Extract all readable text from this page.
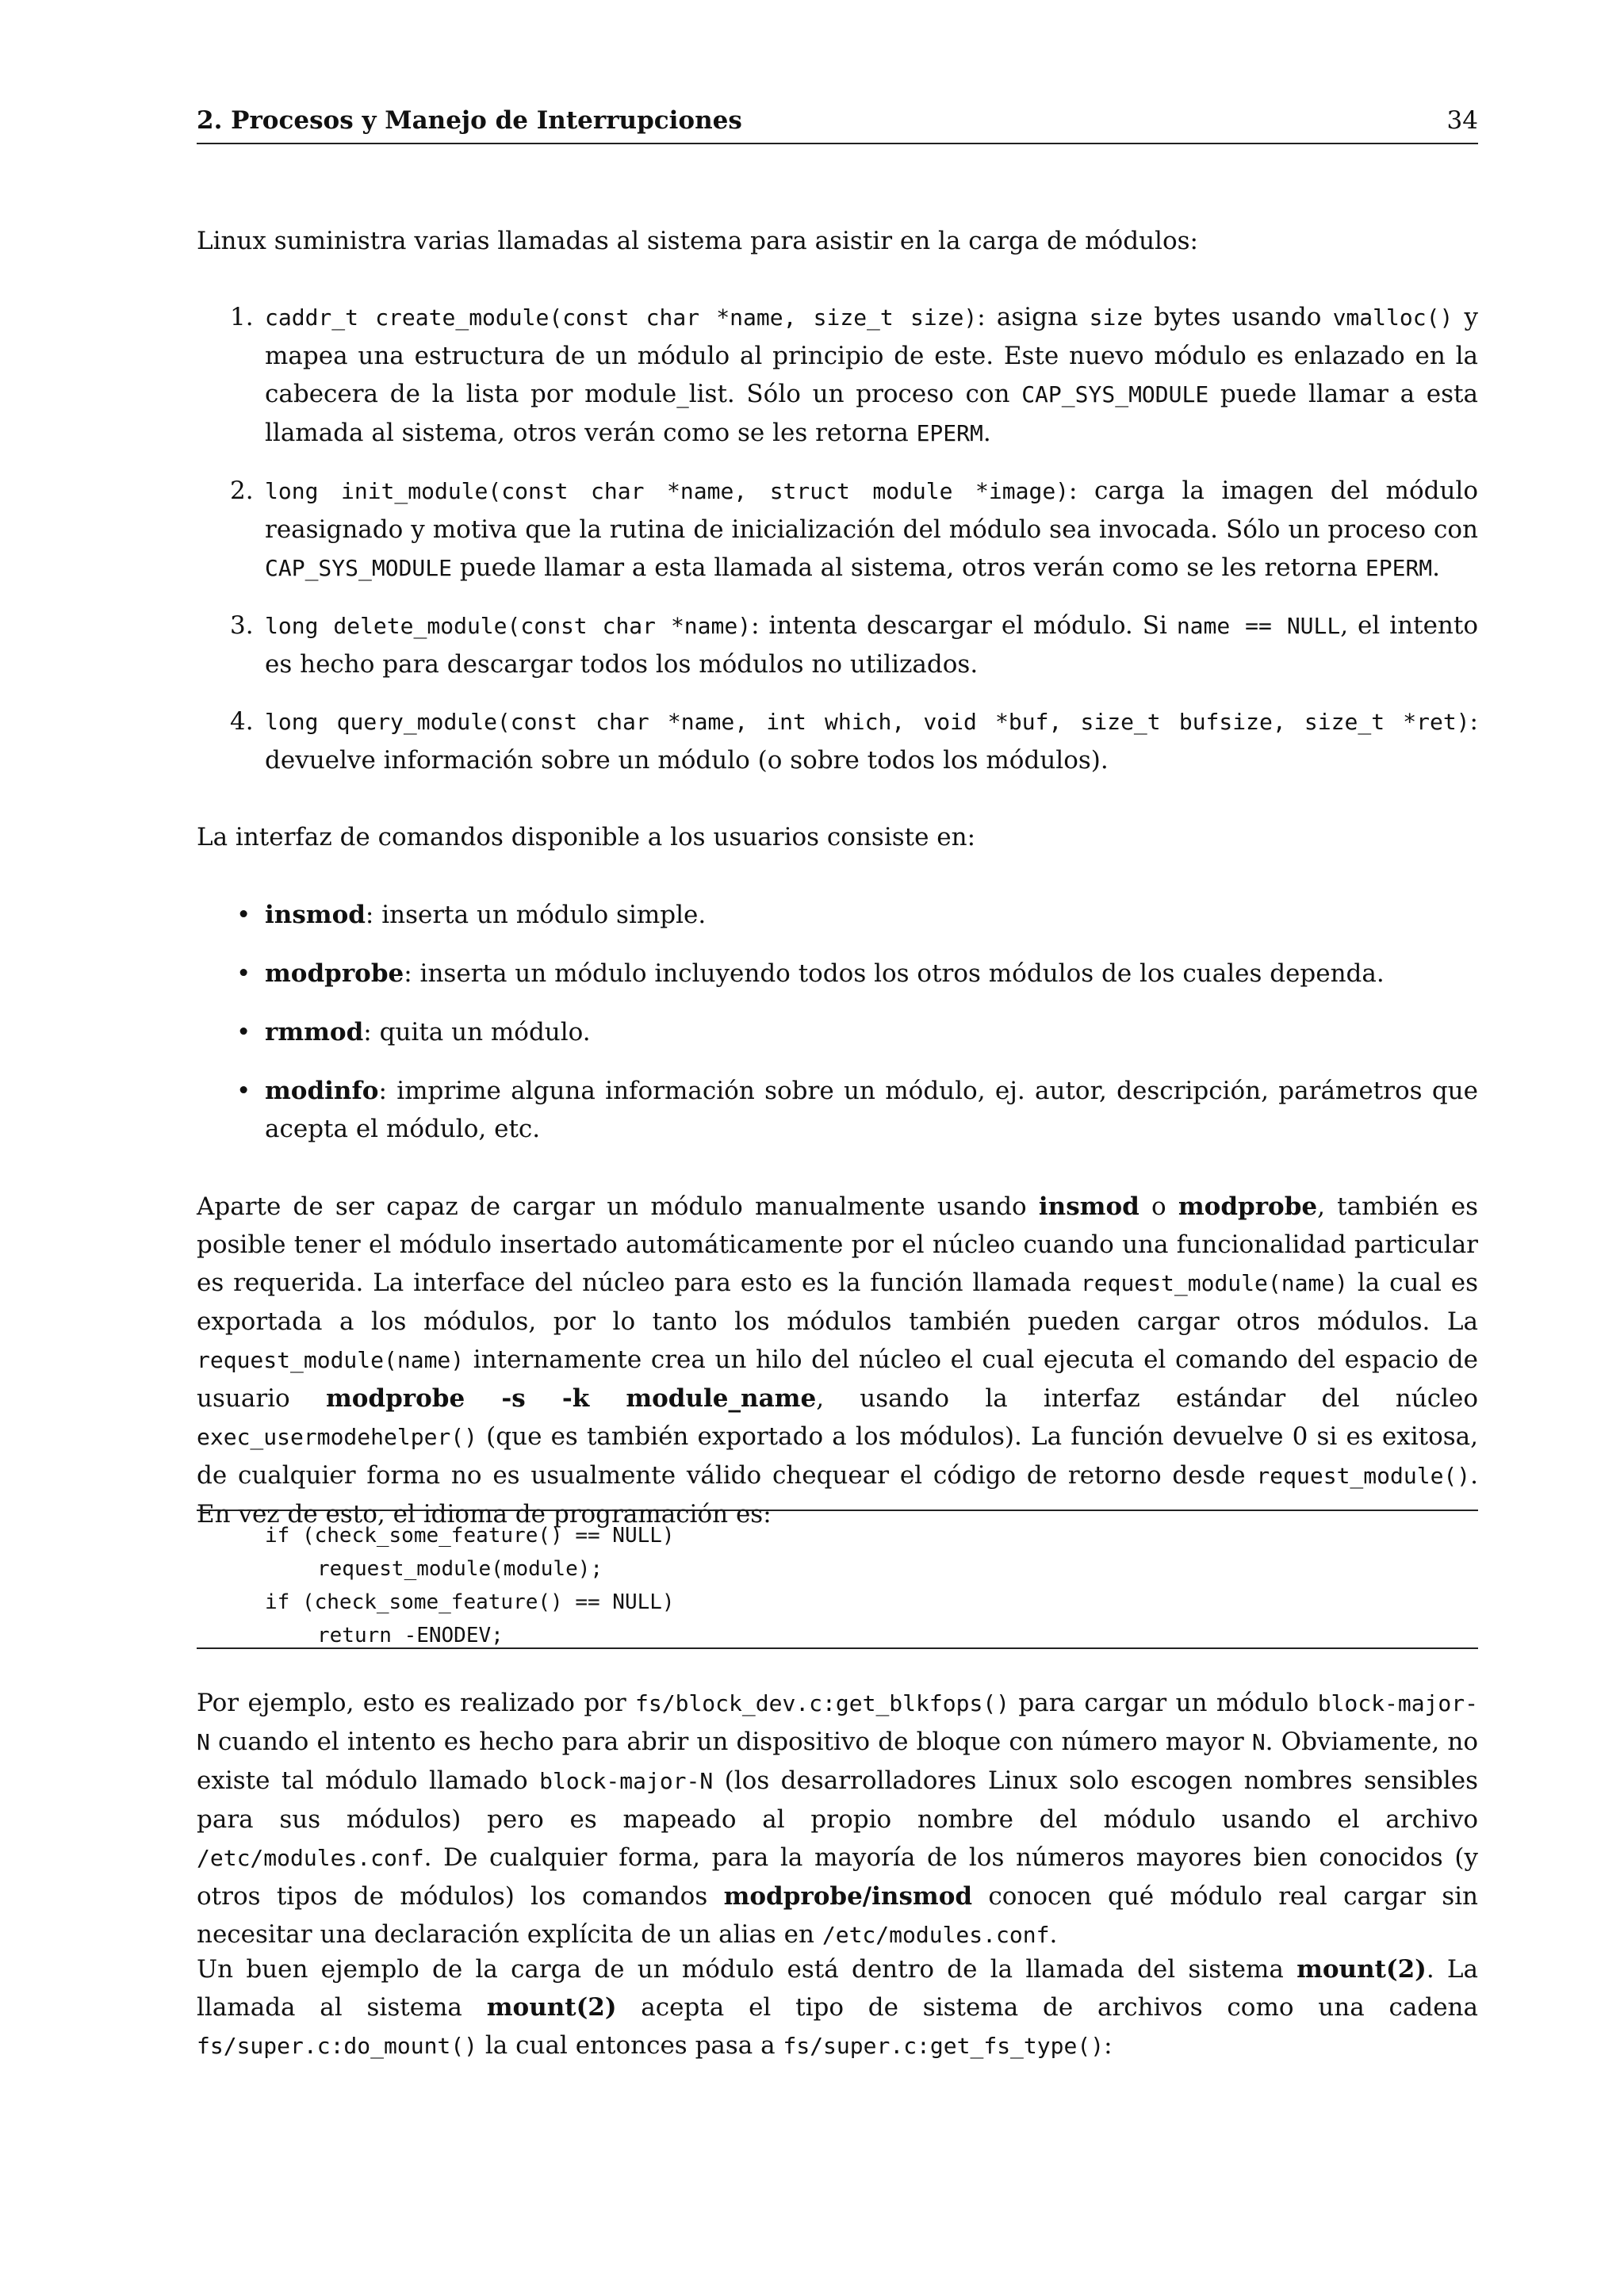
2. Procesos y Manejo de Interrupciones	34

Linux suministra varias llamadas al sistema para asistir en la carga de módulos:

1. caddr_t create_module(const char *name, size_t size): asigna size bytes usando vmalloc() y mapea una estructura de un módulo al principio de este. Este nuevo módulo es enlazado en la cabecera de la lista por module_list. Sólo un proceso con CAP_SYS_MODULE puede llamar a esta llamada al sistema, otros verán como se les retorna EPERM.
2. long init_module(const char *name, struct module *image): carga la imagen del módulo reasignado y motiva que la rutina de inicialización del módulo sea invocada. Sólo un proceso con CAP_SYS_MODULE puede llamar a esta llamada al sistema, otros verán como se les retorna EPERM.
3. long delete_module(const char *name): intenta descargar el módulo. Si name == NULL, el intento es hecho para descargar todos los módulos no utilizados.
4. long query_module(const char *name, int which, void *buf, size_t bufsize, size_t *ret): devuelve información sobre un módulo (o sobre todos los módulos).

La interfaz de comandos disponible a los usuarios consiste en:

• insmod: inserta un módulo simple.
• modprobe: inserta un módulo incluyendo todos los otros módulos de los cuales dependa.
• rmmod: quita un módulo.
• modinfo: imprime alguna información sobre un módulo, ej. autor, descripción, parámetros que acepta el módulo, etc.

Aparte de ser capaz de cargar un módulo manualmente usando insmod o modprobe, también es posible tener el módulo insertado automáticamente por el núcleo cuando una funcionalidad particular es requerida. La interface del núcleo para esto es la función llamada request_module(name) la cual es exportada a los módulos, por lo tanto los módulos también pueden cargar otros módulos. La request_module(name) internamente crea un hilo del núcleo el cual ejecuta el comando del espacio de usuario modprobe -s -k module_name, usando la interfaz estándar del núcleo exec_usermodehelper() (que es también exportado a los módulos). La función devuelve 0 si es exitosa, de cualquier forma no es usualmente válido chequear el código de retorno desde request_module(). En vez de esto, el idioma de programación es:

if (check_some_feature() == NULL)
request_module(module);
if (check_some_feature() == NULL)
return -ENODEV;

Por ejemplo, esto es realizado por fs/block_dev.c:get_blkfops() para cargar un módulo block-major-N cuando el intento es hecho para abrir un dispositivo de bloque con número mayor N. Obviamente, no existe tal módulo llamado block-major-N (los desarrolladores Linux solo escogen nombres sensibles para sus módulos) pero es mapeado al propio nombre del módulo usando el archivo /etc/modules.conf. De cualquier forma, para la mayoría de los números mayores bien conocidos (y otros tipos de módulos) los comandos modprobe/insmod conocen qué módulo real cargar sin necesitar una declaración explícita de un alias en /etc/modules.conf.

Un buen ejemplo de la carga de un módulo está dentro de la llamada del sistema mount(2). La llamada al sistema mount(2) acepta el tipo de sistema de archivos como una cadena fs/super.c:do_mount() la cual entonces pasa a fs/super.c:get_fs_type():
